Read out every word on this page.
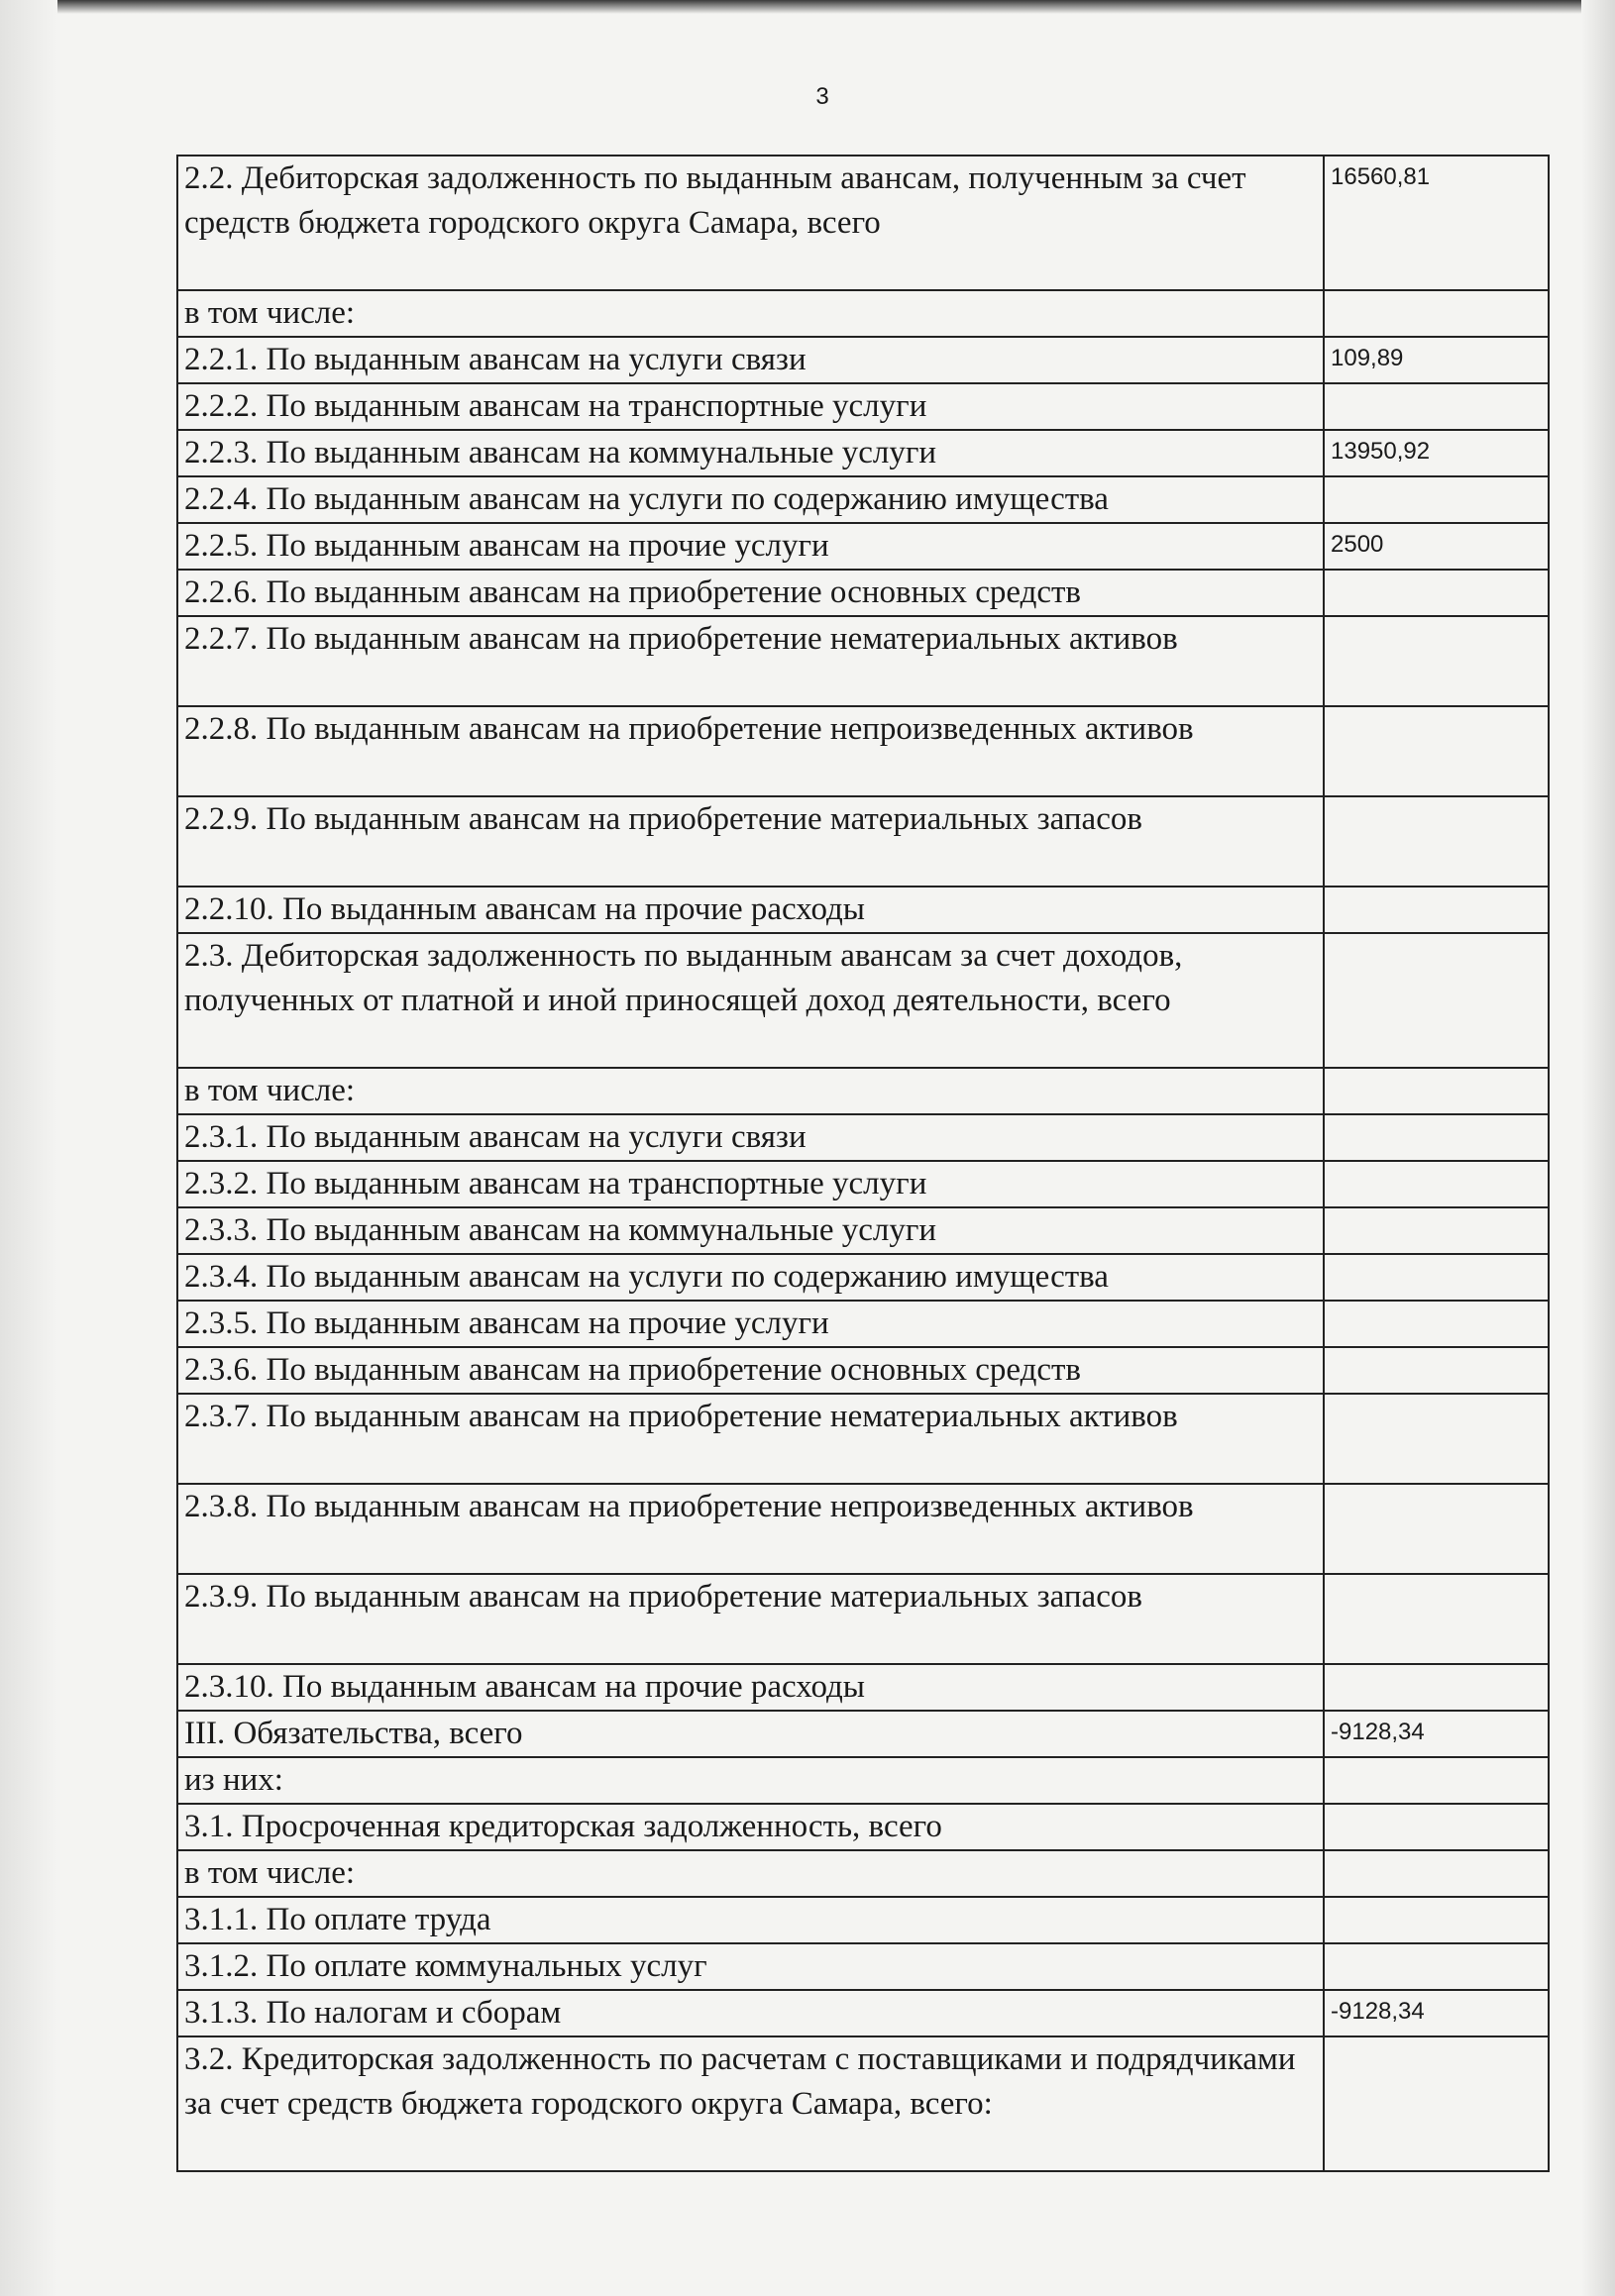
3
2.2. Дебиторская задолженность по выданным авансам, полученным за счет средств бюджета городского округа Самара, всего	16560,81
в том числе:	
2.2.1. По выданным авансам на услуги связи	109,89
2.2.2. По выданным авансам на транспортные услуги	
2.2.3. По выданным авансам на коммунальные услуги	13950,92
2.2.4. По выданным авансам на услуги по содержанию имущества	
2.2.5. По выданным авансам на прочие услуги	2500
2.2.6. По выданным авансам на приобретение основных средств	
2.2.7. По выданным авансам на приобретение нематериальных активов	
2.2.8. По выданным авансам на приобретение непроизведенных активов	
2.2.9. По выданным авансам на приобретение материальных запасов	
2.2.10. По выданным авансам на прочие расходы	
2.3. Дебиторская задолженность по выданным авансам за счет доходов, полученных от платной и иной приносящей доход деятельности, всего	
в том числе:	
2.3.1. По выданным авансам на услуги связи	
2.3.2. По выданным авансам на транспортные услуги	
2.3.3. По выданным авансам на коммунальные услуги	
2.3.4. По выданным авансам на услуги по содержанию имущества	
2.3.5. По выданным авансам на прочие услуги	
2.3.6. По выданным авансам на приобретение основных средств	
2.3.7. По выданным авансам на приобретение нематериальных активов	
2.3.8. По выданным авансам на приобретение непроизведенных активов	
2.3.9. По выданным авансам на приобретение материальных запасов	
2.3.10. По выданным авансам на прочие расходы	
III. Обязательства, всего	-9128,34
из них:	
3.1. Просроченная кредиторская задолженность, всего	
в том числе:	
3.1.1. По оплате труда	
3.1.2. По оплате коммунальных услуг	
3.1.3. По налогам и сборам	-9128,34
3.2. Кредиторская задолженность по расчетам с поставщиками и подрядчиками за счет средств бюджета городского округа Самара, всего:	
